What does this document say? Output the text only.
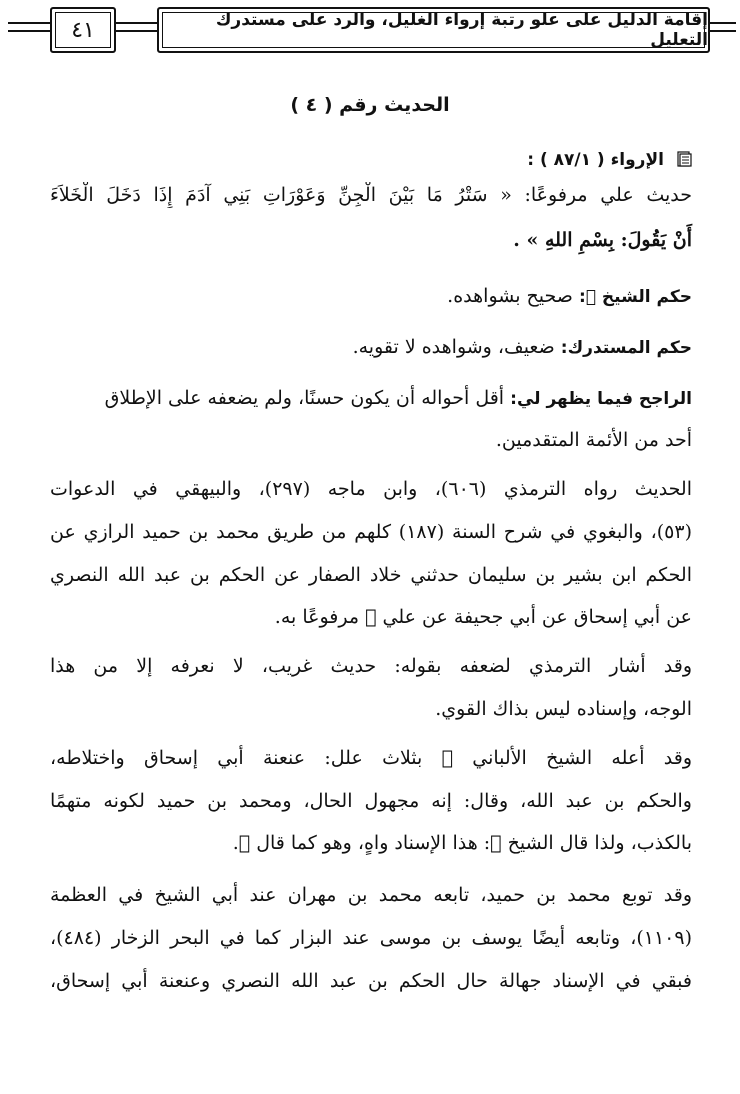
إقامة الدليل على علو رتبة إرواء الغليل، والرد على مستدرك التعليل
٤١
الحديث رقم ( ٤ )
الإرواء ( ٨٧/١ ) :
حديث علي مرفوعًا: « سَتْرُ مَا بَيْنَ الْجِنِّ وَعَوْرَاتِ بَنِي آدَمَ إِذَا دَخَلَ الْخَلاَءَ
أَنْ يَقُولَ: بِسْمِ اللهِ » .
حكم الشيخ ﷬: صحيح بشواهده.
حكم المستدرك: ضعيف، وشواهده لا تقويه.
الراجح فيما يظهر لي: أقل أحواله أن يكون حسنًا، ولم يضعفه على الإطلاق
أحد من الأئمة المتقدمين.
الحديث رواه الترمذي (٦٠٦)، وابن ماجه (٢٩٧)، والبيهقي في الدعوات
(٥٣)، والبغوي في شرح السنة (١٨٧) كلهم من طريق محمد بن حميد الرازي عن
الحكم ابن بشير بن سليمان حدثني خلاد الصفار عن الحكم بن عبد الله النصري
عن أبي إسحاق عن أبي جحيفة عن علي ﷜ مرفوعًا به.
وقد أشار الترمذي لضعفه بقوله: حديث غريب، لا نعرفه إلا من هذا
الوجه، وإسناده ليس بذاك القوي.
وقد أعله الشيخ الألباني ﷬ بثلاث علل: عنعنة أبي إسحاق واختلاطه،
والحكم بن عبد الله، وقال: إنه مجهول الحال، ومحمد بن حميد لكونه متهمًا
بالكذب، ولذا قال الشيخ ﷬: هذا الإسناد واهٍ، وهو كما قال ﷬.
وقد توبع محمد بن حميد، تابعه محمد بن مهران عند أبي الشيخ في العظمة
(١١٠٩)، وتابعه أيضًا يوسف بن موسى عند البزار كما في البحر الزخار (٤٨٤)،
فبقي في الإسناد جهالة حال الحكم بن عبد الله النصري وعنعنة أبي إسحاق،
